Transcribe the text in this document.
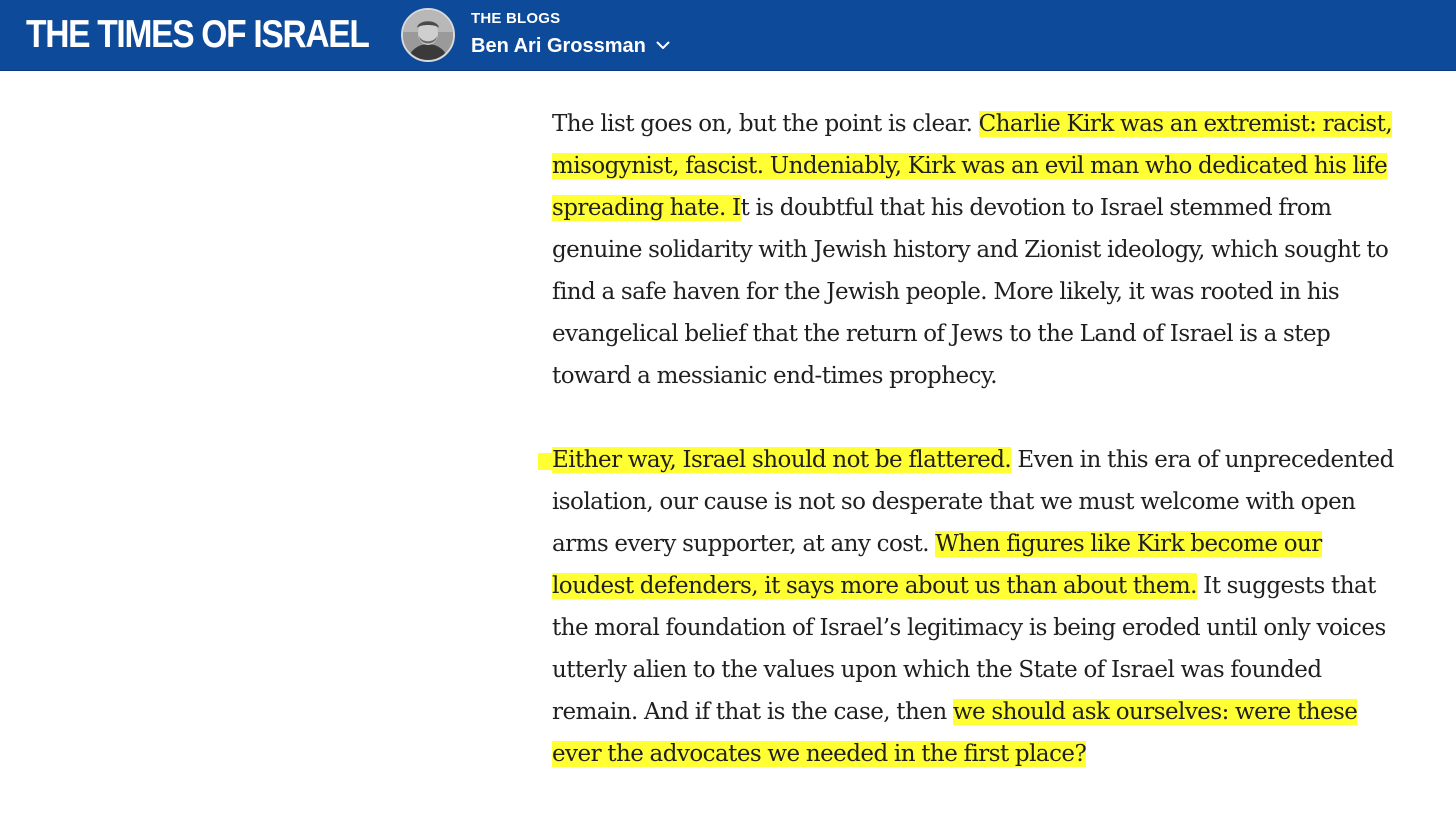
THE TIMES OF ISRAEL	THE BLOGS
Ben Ari Grossman

The list goes on, but the point is clear. Charlie Kirk was an extremist: racist, misogynist, fascist. Undeniably, Kirk was an evil man who dedicated his life spreading hate. It is doubtful that his devotion to Israel stemmed from genuine solidarity with Jewish history and Zionist ideology, which sought to find a safe haven for the Jewish people. More likely, it was rooted in his evangelical belief that the return of Jews to the Land of Israel is a step toward a messianic end-times prophecy.

Either way, Israel should not be flattered. Even in this era of unprecedented isolation, our cause is not so desperate that we must welcome with open arms every supporter, at any cost. When figures like Kirk become our loudest defenders, it says more about us than about them. It suggests that the moral foundation of Israel’s legitimacy is being eroded until only voices utterly alien to the values upon which the State of Israel was founded remain. And if that is the case, then we should ask ourselves: were these ever the advocates we needed in the first place?
